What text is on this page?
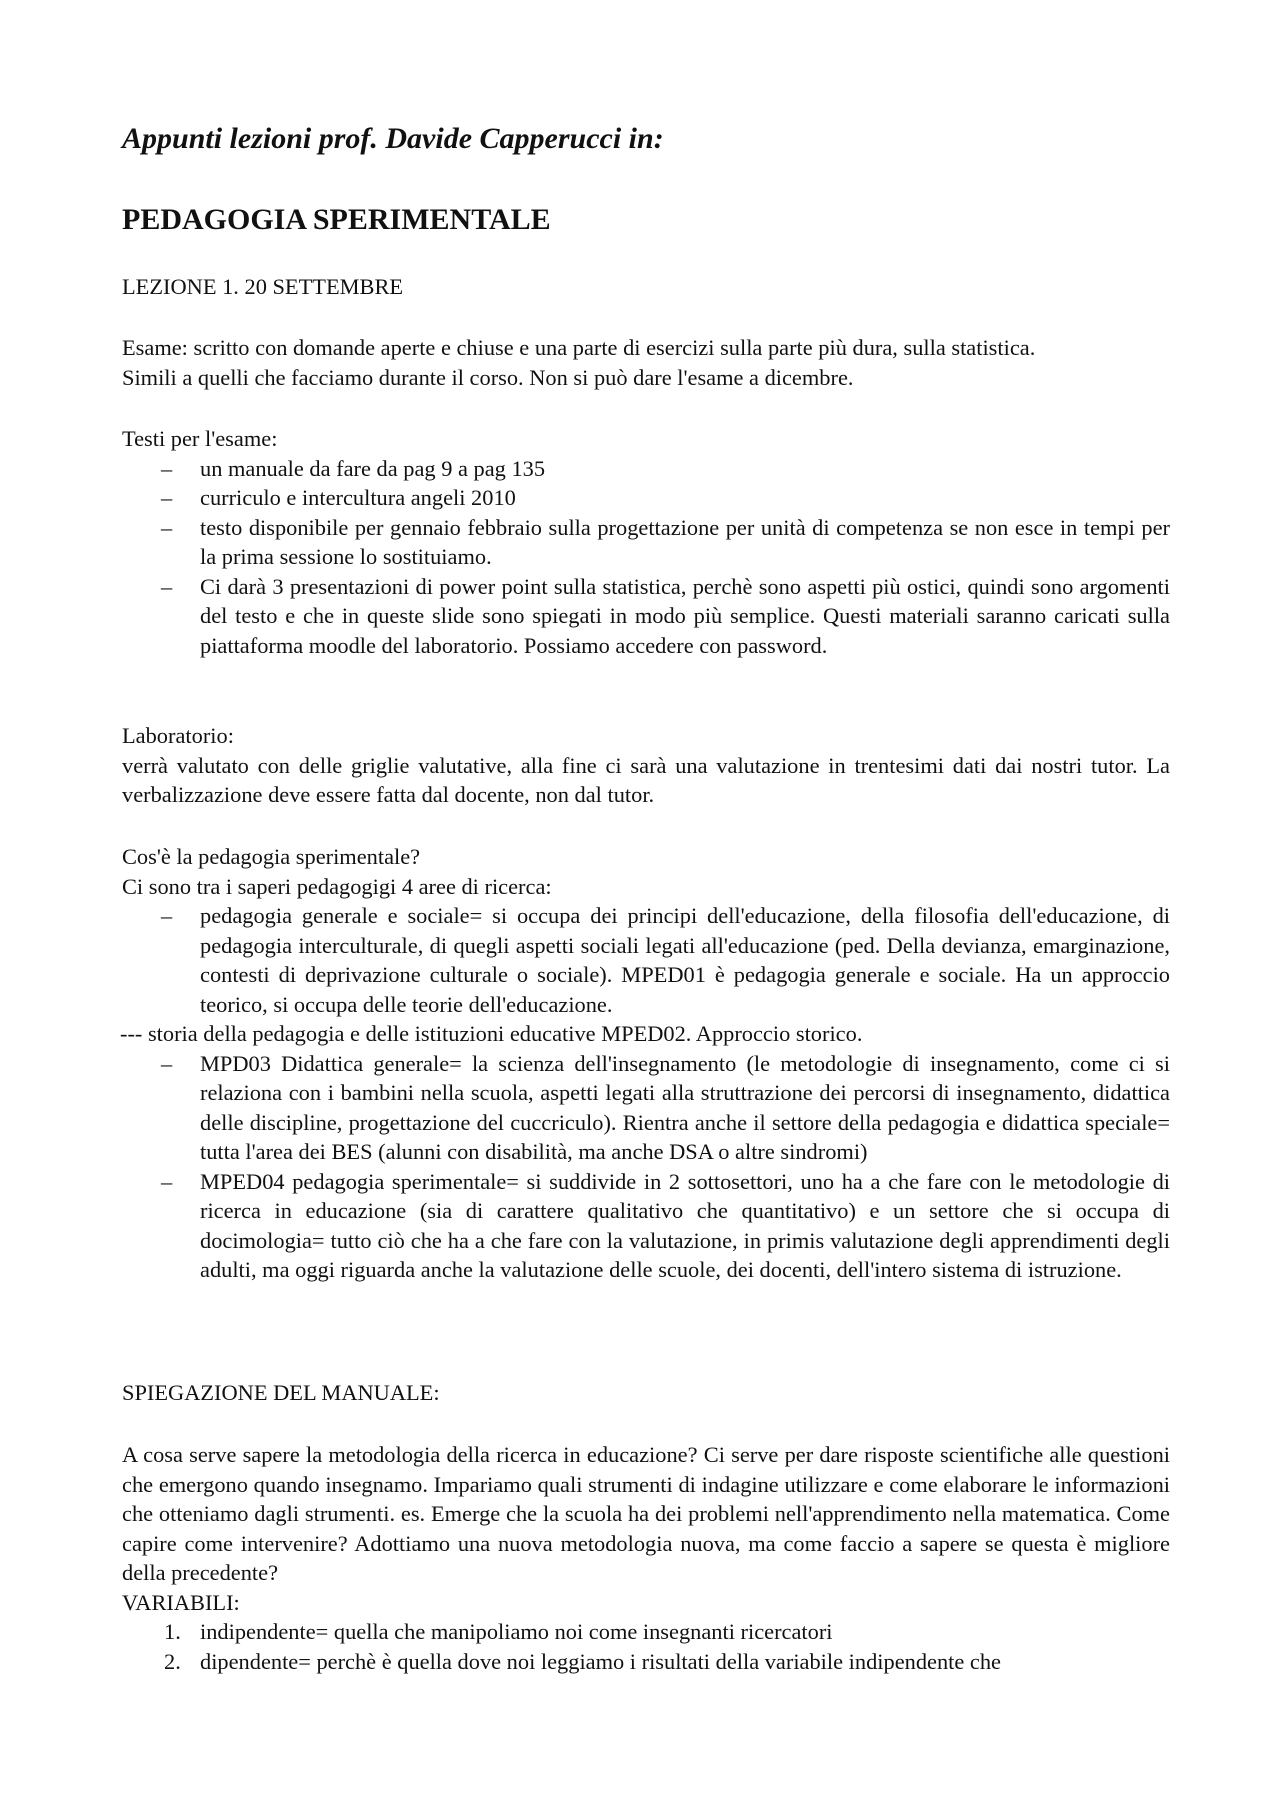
Appunti lezioni prof. Davide Capperucci in:
PEDAGOGIA SPERIMENTALE

LEZIONE 1. 20 SETTEMBRE

Esame: scritto con domande aperte e chiuse e una parte di esercizi sulla parte più dura, sulla statistica.

Simili a quelli che facciamo durante il corso. Non si può dare l'esame a dicembre.

Testi per l'esame:

– un manuale da fare da pag 9 a pag 135
– curriculo e intercultura angeli 2010
– testo disponibile per gennaio febbraio sulla progettazione per unità di competenza se non esce in tempi per la prima sessione lo sostituiamo.
– Ci darà 3 presentazioni di power point sulla statistica, perchè sono aspetti più ostici, quindi sono argomenti del testo e che in queste slide sono spiegati in modo più semplice. Questi materiali saranno caricati sulla piattaforma moodle del laboratorio. Possiamo accedere con password.

Laboratorio:

verrà valutato con delle griglie valutative, alla fine ci sarà una valutazione in trentesimi dati dai nostri tutor. La verbalizzazione deve essere fatta dal docente, non dal tutor.

Cos'è la pedagogia sperimentale?

Ci sono tra i saperi pedagogigi 4 aree di ricerca:

– pedagogia generale e sociale= si occupa dei principi dell'educazione, della filosofia dell'educazione, di pedagogia interculturale, di quegli aspetti sociali legati all'educazione (ped. Della devianza, emarginazione, contesti di deprivazione culturale o sociale). MPED01 è pedagogia generale e sociale. Ha un approccio teorico, si occupa delle teorie dell'educazione.

--- storia della pedagogia e delle istituzioni educative MPED02. Approccio storico.

– MPD03 Didattica generale= la scienza dell'insegnamento (le metodologie di insegnamento, come ci si relaziona con i bambini nella scuola, aspetti legati alla struttrazione dei percorsi di insegnamento, didattica delle discipline, progettazione del cuccriculo). Rientra anche il settore della pedagogia e didattica speciale= tutta l'area dei BES (alunni con disabilità, ma anche DSA o altre sindromi)
– MPED04 pedagogia sperimentale= si suddivide in 2 sottosettori, uno ha a che fare con le metodologie di ricerca in educazione (sia di carattere qualitativo che quantitativo) e un settore che si occupa di docimologia= tutto ciò che ha a che fare con la valutazione, in primis valutazione degli apprendimenti degli adulti, ma oggi riguarda anche la valutazione delle scuole, dei docenti, dell'intero sistema di istruzione.

SPIEGAZIONE DEL MANUALE:

A cosa serve sapere la metodologia della ricerca in educazione? Ci serve per dare risposte scientifiche alle questioni che emergono quando insegnamo. Impariamo quali strumenti di indagine utilizzare e come elaborare le informazioni che otteniamo dagli strumenti. es. Emerge che la scuola ha dei problemi nell'apprendimento nella matematica. Come capire come intervenire? Adottiamo una nuova metodologia nuova, ma come faccio a sapere se questa è migliore della precedente?

VARIABILI:

1. indipendente= quella che manipoliamo noi come insegnanti ricercatori
2. dipendente= perchè è quella dove noi leggiamo i risultati della variabile indipendente che
